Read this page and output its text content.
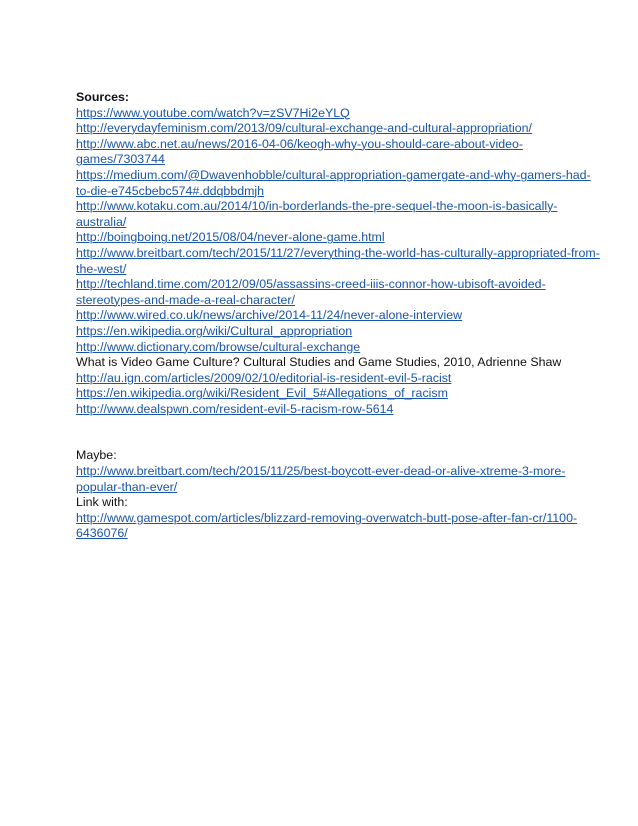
Sources:

https://www.youtube.com/watch?v=zSV7Hi2eYLQ

http://everydayfeminism.com/2013/09/cultural-exchange-and-cultural-appropriation/

http://www.abc.net.au/news/2016-04-06/keogh-why-you-should-care-about-video-

games/7303744

https://medium.com/@Dwavenhobble/cultural-appropriation-gamergate-and-why-gamers-had-

to-die-e745cbebc574#.ddqbbdmjh

http://www.kotaku.com.au/2014/10/in-borderlands-the-pre-sequel-the-moon-is-basically-

australia/

http://boingboing.net/2015/08/04/never-alone-game.html

http://www.breitbart.com/tech/2015/11/27/everything-the-world-has-culturally-appropriated-from-

the-west/

http://techland.time.com/2012/09/05/assassins-creed-iiis-connor-how-ubisoft-avoided-

stereotypes-and-made-a-real-character/

http://www.wired.co.uk/news/archive/2014-11/24/never-alone-interview

https://en.wikipedia.org/wiki/Cultural_appropriation

http://www.dictionary.com/browse/cultural-exchange

What is Video Game Culture? Cultural Studies and Game Studies, 2010, Adrienne Shaw

http://au.ign.com/articles/2009/02/10/editorial-is-resident-evil-5-racist

https://en.wikipedia.org/wiki/Resident_Evil_5#Allegations_of_racism

http://www.dealspwn.com/resident-evil-5-racism-row-5614

Maybe:

http://www.breitbart.com/tech/2015/11/25/best-boycott-ever-dead-or-alive-xtreme-3-more-

popular-than-ever/

Link with:

http://www.gamespot.com/articles/blizzard-removing-overwatch-butt-pose-after-fan-cr/1100-

6436076/
